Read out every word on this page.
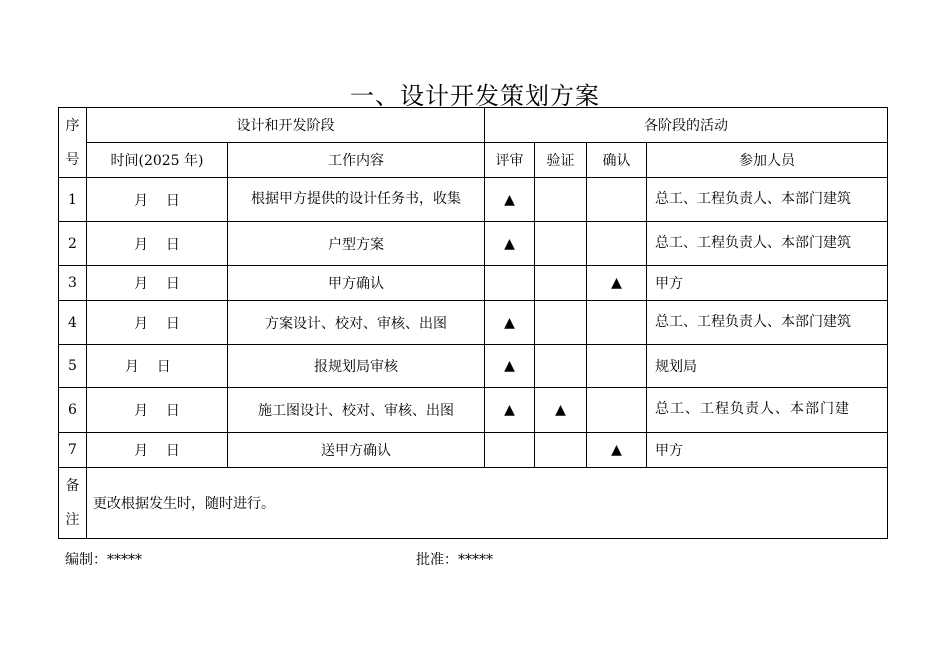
一、设计开发策划方案
序
号	设计和开发阶段		各阶段的活动			
	时间(2025 年)	工作内容	评审	验证	确认	参加人员
1	月    日	根据甲方提供的设计任务书，收集	▲			总工、工程负责人、本部门建筑
2	月    日	户型方案	▲			总工、工程负责人、本部门建筑
3	月    日	甲方确认			▲	甲方
4	月    日	方案设计、校对、审核、出图	▲			总工、工程负责人、本部门建筑
5	月    日	报规划局审核	▲			规划局
6	月    日	施工图设计、校对、审核、出图	▲	▲		总工、工程负责人、本部门建
7	月    日	送甲方确认			▲	甲方
备
注	更改根据发生时，随时进行。					
编制：*****	批准：*****
